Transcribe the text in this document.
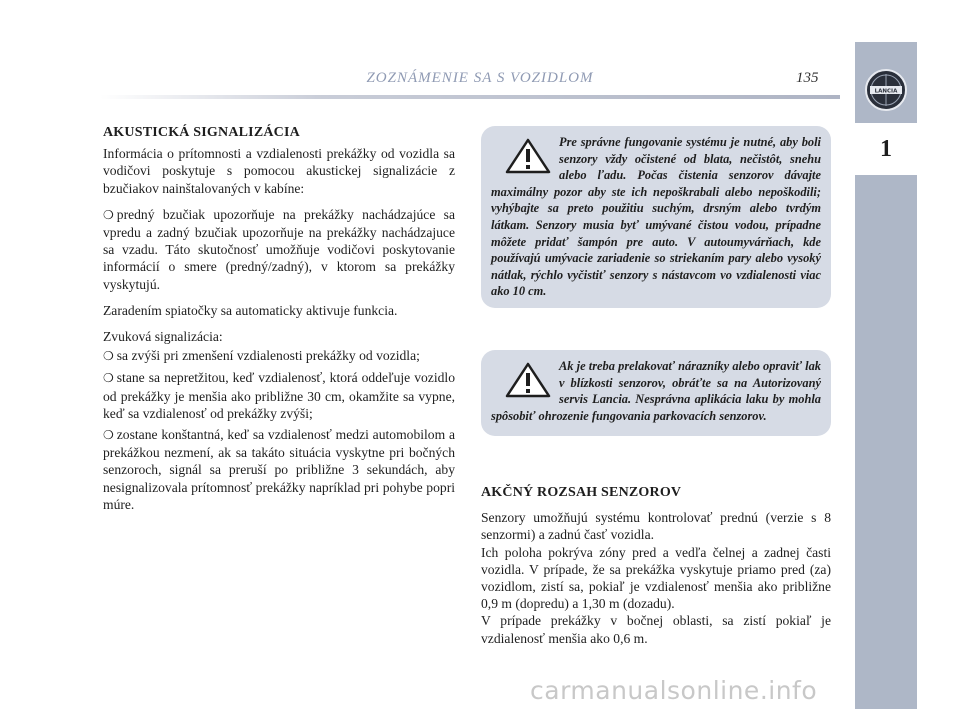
ZOZNÁMENIE SA S VOZIDLOM	135
LANCIA
1
AKUSTICKÁ SIGNALIZÁCIA

Informácia o prítomnosti a vzdialenosti prekážky od vozidla sa vodičovi poskytuje s pomocou akustickej signalizácie z bzučiakov nainštalovaných v kabíne:

❍ predný bzučiak upozorňuje na prekážky nachádzajúce sa vpredu a zadný bzučiak upozorňuje na prekážky nachádzajuce sa vzadu. Táto skutočnosť umožňuje vodičovi poskytovanie informácií o smere (predný/zadný), v ktorom sa prekážky vyskytujú.

Zaradením spiatočky sa automaticky aktivuje funkcia.

Zvuková signalizácia:

❍ sa zvýši pri zmenšení vzdialenosti prekážky od vozidla;

❍ stane sa nepretžitou, keď vzdialenosť, ktorá oddeľuje vozidlo od prekážky je menšia ako približne 30 cm, okamžite sa vypne, keď sa vzdialenosť od prekážky zvýši;

❍ zostane konštantná, keď sa vzdialenosť medzi automobilom a prekážkou nezmení, ak sa takáto situácia vyskytne pri bočných senzoroch, signál sa preruší po približne 3 sekundách, aby nesignalizovala prítomnosť prekážky napríklad pri pohybe popri múre.

Pre správne fungovanie systému je nutné, aby boli senzory vždy očistené od blata, nečistôt, snehu alebo ľadu. Počas čistenia senzorov dávajte maximálny pozor aby ste ich nepoškrabali alebo nepoškodili; vyhýbajte sa preto použitiu suchým, drsným alebo tvrdým látkam. Senzory musia byť umývané čistou vodou, prípadne môžete pridať šampón pre auto. V autoumyvárňach, kde používajú umývacie zariadenie so striekaním pary alebo vysoký nátlak, rýchlo vyčistiť senzory s nástavcom vo vzdialenosti viac ako 10 cm.
Ak je treba prelakovať nárazníky alebo opraviť lak v blízkosti senzorov, obráťte sa na Autorizovaný servis Lancia. Nesprávna aplikácia laku by mohla spôsobiť ohrozenie fungovania parkovacích senzorov.
AKČNÝ ROZSAH SENZOROV

Senzory umožňujú systému kontrolovať prednú (verzie s 8 senzormi) a zadnú časť vozidla.

Ich poloha pokrýva zóny pred a vedľa čelnej a zadnej časti vozidla. V prípade, že sa prekážka vyskytuje priamo pred (za) vozidlom, zistí sa, pokiaľ je vzdialenosť menšia ako približne 0,9 m (dopredu) a 1,30 m (dozadu).

V prípade prekážky v bočnej oblasti, sa zistí pokiaľ je vzdialenosť menšia ako 0,6 m.

carmanualsonline.info
